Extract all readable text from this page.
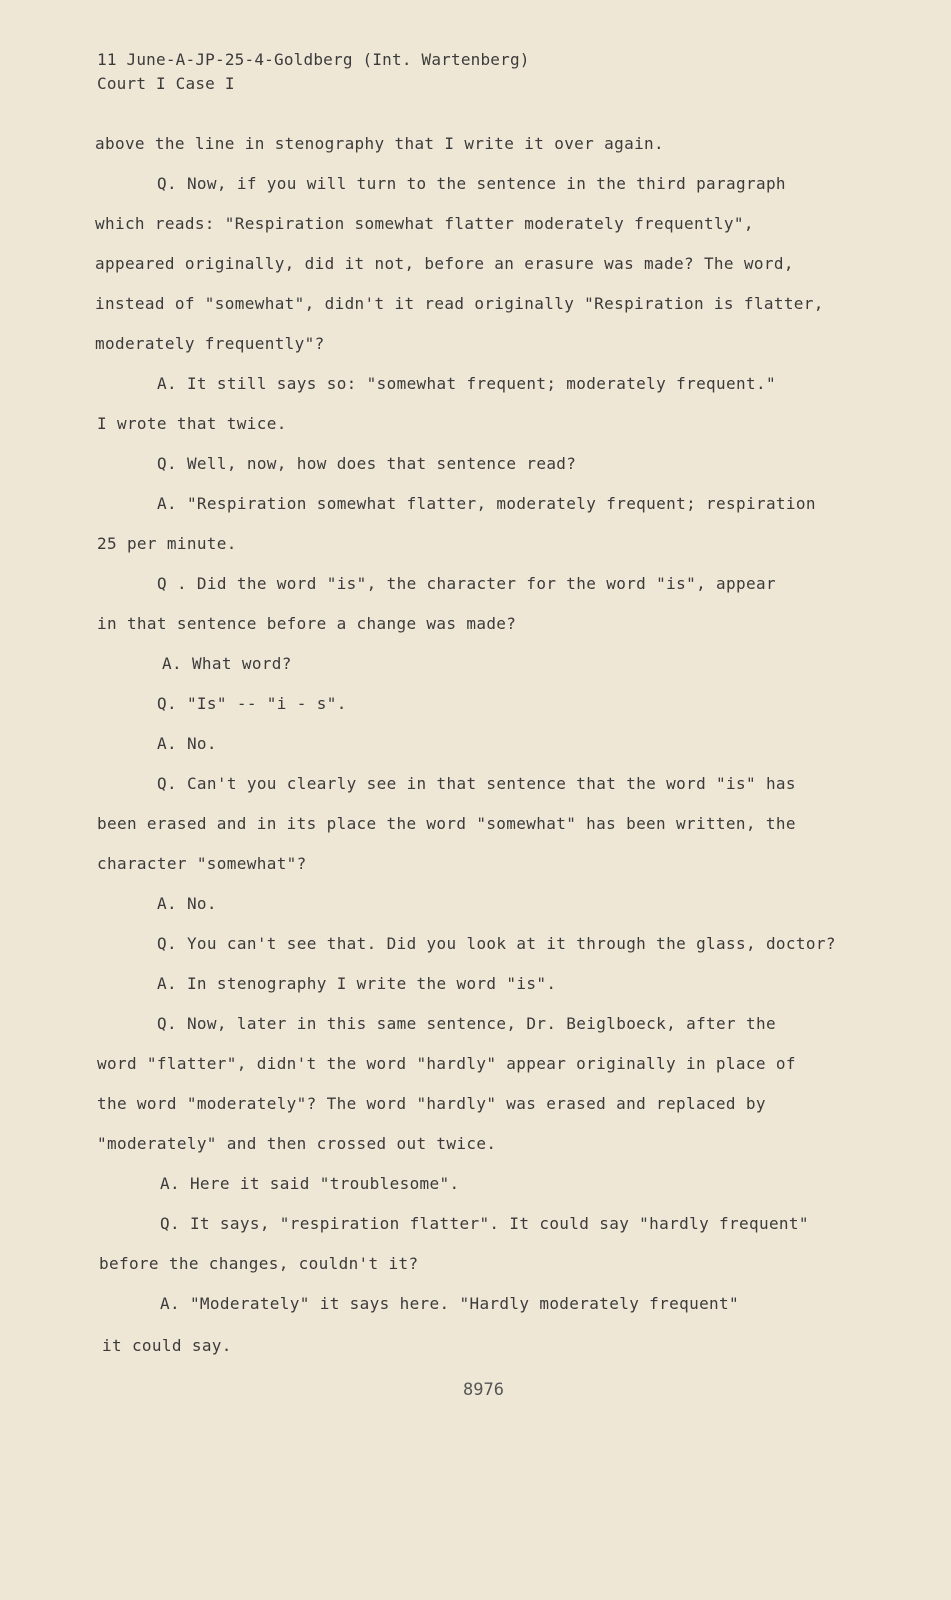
11 June-A-JP-25-4-Goldberg (Int. Wartenberg)
Court I Case I
above the line in stenography that I write it over again.
Q. Now, if you will turn to the sentence in the third paragraph
which reads: "Respiration somewhat flatter moderately frequently",
appeared originally, did it not, before an erasure was made? The word,
instead of "somewhat", didn't it read originally "Respiration is flatter,
moderately frequently"?
A. It still says so: "somewhat frequent; moderately frequent."
I wrote that twice.
Q. Well, now, how does that sentence read?
A. "Respiration somewhat flatter, moderately frequent; respiration
25 per minute.
Q . Did the word "is", the character for the word "is", appear
in that sentence before a change was made?
A. What word?
Q. "Is" -- "i - s".
A. No.
Q. Can't you clearly see in that sentence that the word "is" has
been erased and in its place the word "somewhat" has been written, the
character "somewhat"?
A. No.
Q. You can't see that. Did you look at it through the glass, doctor?
A. In stenography I write the word "is".
Q. Now, later in this same sentence, Dr. Beiglboeck, after the
word "flatter", didn't the word "hardly" appear originally in place of
the word "moderately"? The word "hardly" was erased and replaced by
"moderately" and then crossed out twice.
A. Here it said "troublesome".
Q. It says, "respiration flatter". It could say "hardly frequent"
before the changes, couldn't it?
A. "Moderately" it says here. "Hardly moderately frequent"
it could say.
8976
